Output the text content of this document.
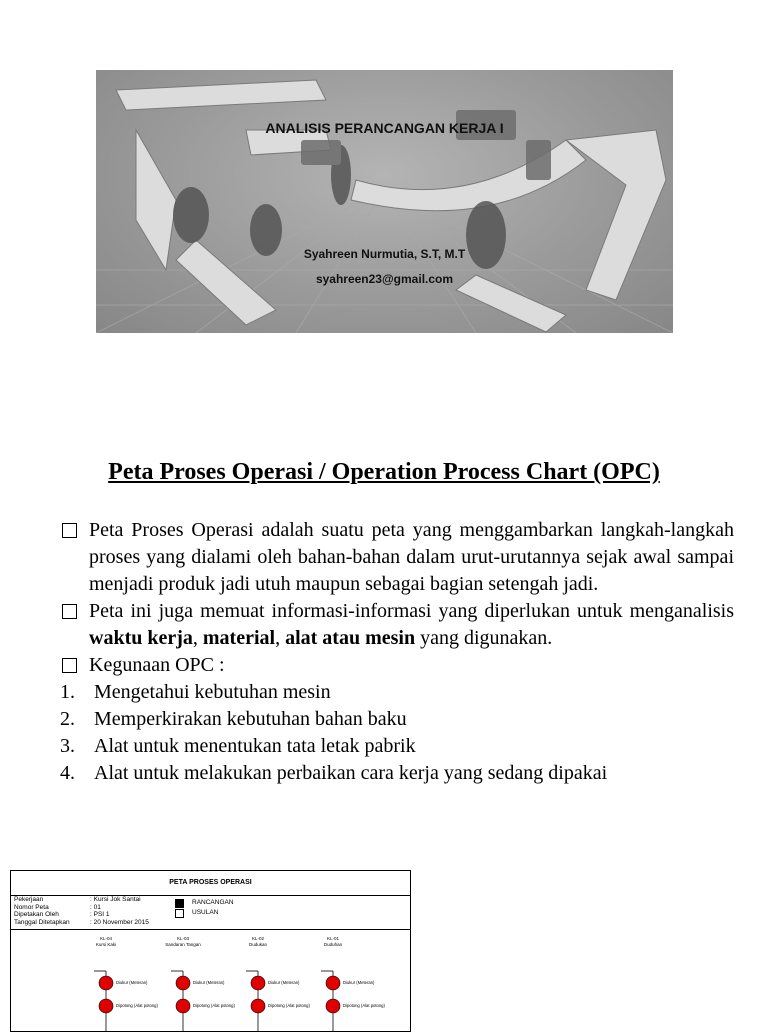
ANALISIS PERANCANGAN KERJA I
Syahreen Nurmutia, S.T, M.T
syahreen23@gmail.com
Peta Proses Operasi / Operation Process Chart (OPC)
Peta Proses Operasi adalah suatu peta yang menggambarkan langkah-langkah proses yang dialami oleh bahan-bahan dalam urut-urutannya sejak awal sampai menjadi produk jadi utuh maupun sebagai bagian setengah jadi.
Peta ini juga memuat informasi-informasi yang diperlukan untuk menganalisis waktu kerja, material, alat atau mesin yang digunakan.
Kegunaan OPC :
1. Mengetahui kebutuhan mesin
2. Memperkirakan kebutuhan bahan baku
3. Alat untuk menentukan tata letak pabrik
4. Alat untuk melakukan perbaikan cara kerja yang sedang dipakai
PETA PROSES OPERASI
Pekerjaan	: Kursi Jok Santai
Nomor Peta	: 01
Dipetakan Oleh	: PSI 1
Tanggal Ditetapkan	: 20 November 2015
RANCANGAN
USULAN
KL-04
Kursi Kaki
Diukur (Meteran)
Dipotong (Alat potong)
KL-03
Sandaran Tangan
Diukur (Meteran)
Dipotong (Alat potong)
KL-02
Dudukan
Diukur (Meteran)
Dipotong (Alat potong)
KL-01
Duduhan
Diukur (Meteran)
Dipotong (Alat potong)
